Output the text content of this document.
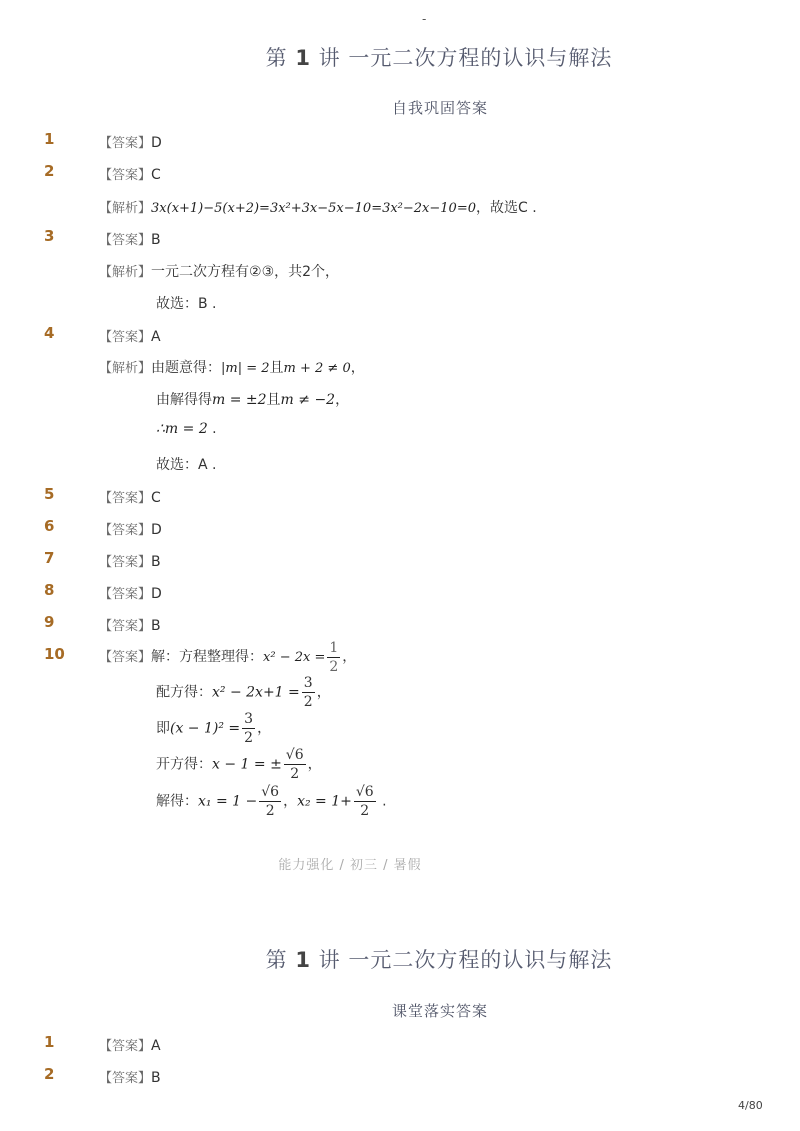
-
第 1 讲 一元二次方程的认识与解法
自我巩固答案
1	【答案】D
2	【答案】C
【解析】3x(x+1)−5(x+2)=3x²+3x−5x−10=3x²−2x−10=0，故选C .
3	【答案】B
【解析】一元二次方程有②③，共2个，
故选：B .
4	【答案】A
【解析】由题意得：|m| = 2且m + 2 ≠ 0，
由解得得m = ±2且m ≠ −2，
∴m = 2 .
故选：A .
5	【答案】C
6	【答案】D
7	【答案】B
8	【答案】D
9	【答案】B
10	【答案】解：方程整理得：$x^2 - 2x = \frac{1}{2}$ ，
配方得：$x^2 - 2x+1 = \frac{3}{2}$ ，
即$(x - 1)^2 = \frac{3}{2}$ ，
开方得：x − 1 = ± $\frac{√6}{2}$ ，
解得：$x_1 = 1 - \frac{√6}{2}$ ，$x_2 = 1+ \frac{√6}{2}$ .
能力强化 / 初三 / 暑假
第 1 讲 一元二次方程的认识与解法
课堂落实答案
1	【答案】A
2	【答案】B
4/80
